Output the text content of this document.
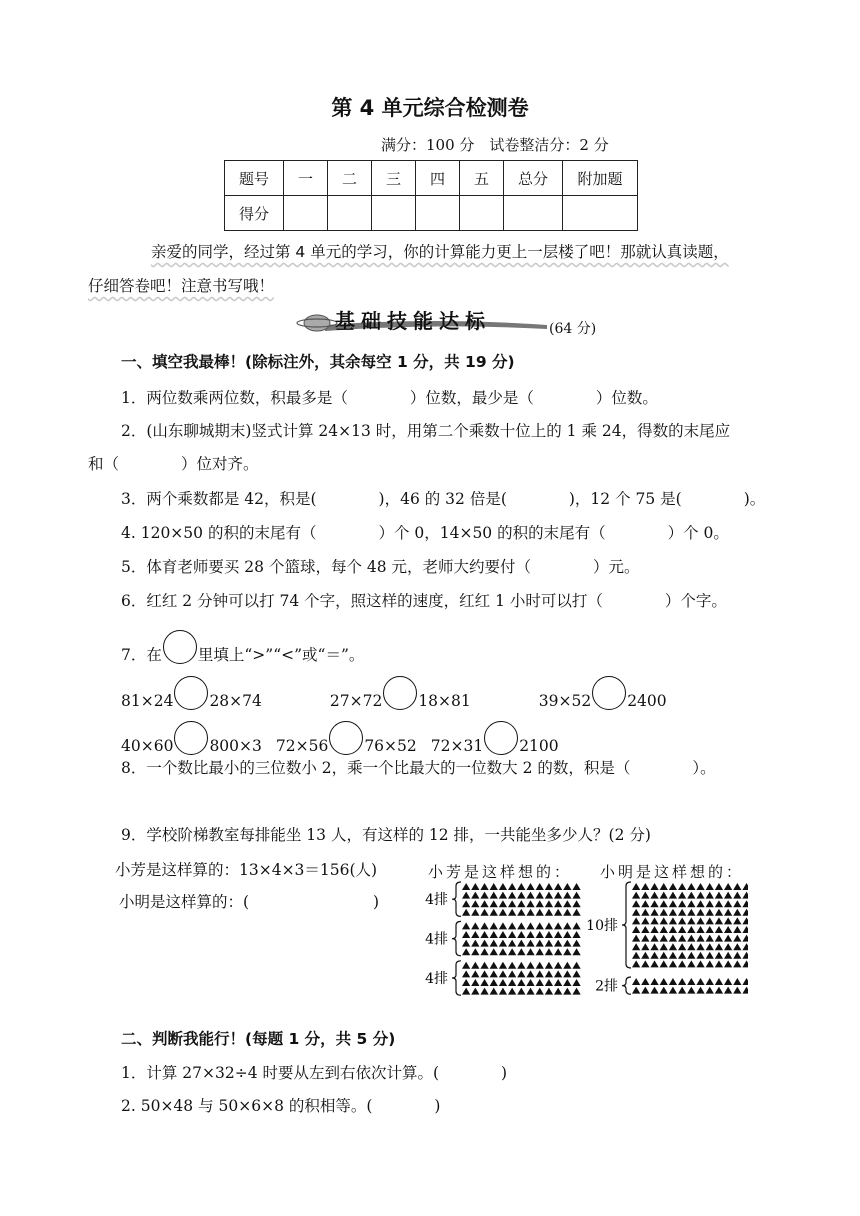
第 4 单元综合检测卷
满分：100 分　试卷整洁分：2 分
题号	一	二	三	四	五	总分	附加题
得分							
亲爱的同学，经过第 4 单元的学习，你的计算能力更上一层楼了吧！那就认真读题，
仔细答卷吧！注意书写哦！
基础技能达标	(64 分)
一、填空我最棒！(除标注外，其余每空 1 分，共 19 分)
1．两位数乘两位数，积最多是（　　　　）位数，最少是（　　　　）位数。
2．(山东聊城期末)竖式计算 24×13 时，用第二个乘数十位上的 1 乘 24，得数的末尾应
和（　　　　）位对齐。
3．两个乘数都是 42，积是(　　　　)，46 的 32 倍是(　　　　)，12 个 75 是(　　　　)。
4. 120×50 的积的末尾有（　　　　）个 0，14×50 的积的末尾有（　　　　）个 0。
5．体育老师要买 28 个篮球，每个 48 元，老师大约要付（　　　　）元。
6．红红 2 分钟可以打 74 个字，照这样的速度，红红 1 小时可以打（　　　　）个字。
7．在 里填上“>”“<”或“＝”。
81×24 28×74	27×72 18×81	39×52 2400
40×60 800×3 72×56 76×52 72×31 2100
8．一个数比最小的三位数小 2，乘一个比最大的一位数大 2 的数，积是（　　　　）。
9．学校阶梯教室每排能坐 13 人，有这样的 12 排，一共能坐多少人？(2 分)
小芳是这样算的：13×4×3＝156(人)
小明是这样算的：(　　　　　　　　)
小芳是这样想的： 小明是这样想的：
4排
4排
4排
10排
2排
二、判断我能行！(每题 1 分，共 5 分)
1．计算 27×32÷4 时要从左到右依次计算。(　　　　)
2. 50×48 与 50×6×8 的积相等。(　　　　)
